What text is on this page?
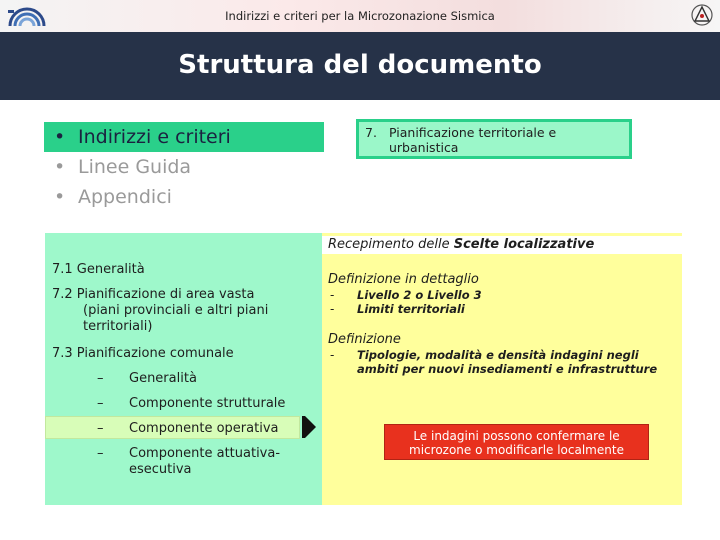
Indirizzi e criteri per la Microzonazione Sismica
Struttura del documento
• Indirizzi e criteri
• Linee Guida
• Appendici
7. Pianificazione territoriale e urbanistica
7.1 Generalità
7.2 Pianificazione di area vasta
(piani provinciali e altri piani
territoriali)
7.3 Pianificazione comunale
– Generalità
– Componente strutturale
– Componente operativa
– Componente attuativa-
esecutiva
Recepimento delle Scelte localizzative
Definizione in dettaglio
- Livello 2 o Livello 3
- Limiti territoriali
Definizione
- Tipologie, modalità e densità indagini negli
ambiti per nuovi insediamenti e infrastrutture
Le indagini possono confermare le
microzone o modificarle localmente
